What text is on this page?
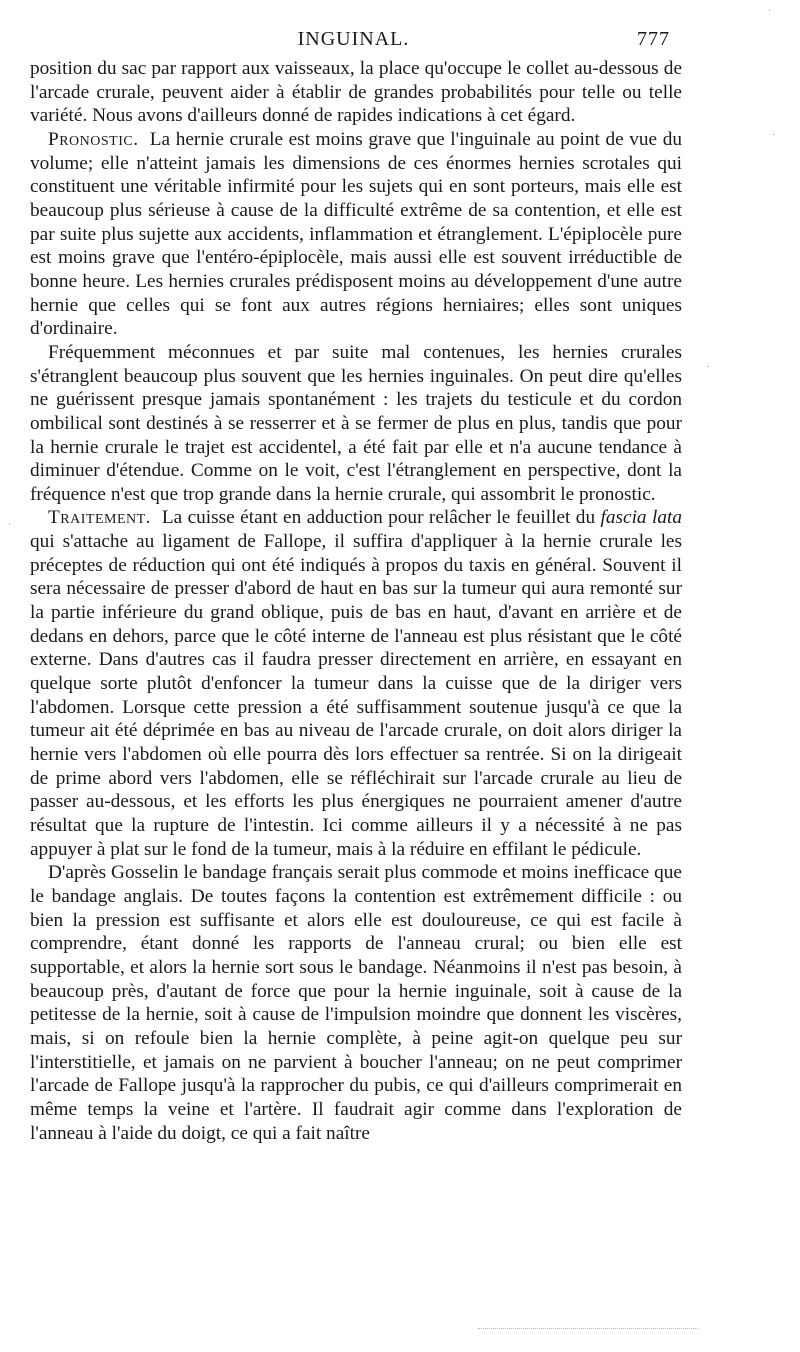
INGUINAL.	777

position du sac par rapport aux vaisseaux, la place qu'occupe le collet au-dessous de l'arcade crurale, peuvent aider à établir de grandes probabilités pour telle ou telle variété. Nous avons d'ailleurs donné de rapides indications à cet égard.

Pronostic. La hernie crurale est moins grave que l'inguinale au point de vue du volume; elle n'atteint jamais les dimensions de ces énormes hernies scrotales qui constituent une véritable infirmité pour les sujets qui en sont porteurs, mais elle est beaucoup plus sérieuse à cause de la difficulté extrême de sa contention, et elle est par suite plus sujette aux accidents, inflammation et étranglement. L'épiplocèle pure est moins grave que l'entéro-épiplocèle, mais aussi elle est souvent irréductible de bonne heure. Les hernies crurales prédisposent moins au développement d'une autre hernie que celles qui se font aux autres régions herniaires; elles sont uniques d'ordinaire.

Fréquemment méconnues et par suite mal contenues, les hernies crurales s'étranglent beaucoup plus souvent que les hernies inguinales. On peut dire qu'elles ne guérissent presque jamais spontanément : les trajets du testicule et du cordon ombilical sont destinés à se resserrer et à se fermer de plus en plus, tandis que pour la hernie crurale le trajet est accidentel, a été fait par elle et n'a aucune tendance à diminuer d'étendue. Comme on le voit, c'est l'étranglement en perspective, dont la fréquence n'est que trop grande dans la hernie crurale, qui assombrit le pronostic.

Traitement. La cuisse étant en adduction pour relâcher le feuillet du fascia lata qui s'attache au ligament de Fallope, il suffira d'appliquer à la hernie crurale les préceptes de réduction qui ont été indiqués à propos du taxis en général. Souvent il sera nécessaire de presser d'abord de haut en bas sur la tumeur qui aura remonté sur la partie inférieure du grand oblique, puis de bas en haut, d'avant en arrière et de dedans en dehors, parce que le côté interne de l'anneau est plus résistant que le côté externe. Dans d'autres cas il faudra presser directement en arrière, en essayant en quelque sorte plutôt d'enfoncer la tumeur dans la cuisse que de la diriger vers l'abdomen. Lorsque cette pression a été suffisamment soutenue jusqu'à ce que la tumeur ait été déprimée en bas au niveau de l'arcade crurale, on doit alors diriger la hernie vers l'abdomen où elle pourra dès lors effectuer sa rentrée. Si on la dirigeait de prime abord vers l'abdomen, elle se réfléchirait sur l'arcade crurale au lieu de passer au-dessous, et les efforts les plus énergiques ne pourraient amener d'autre résultat que la rupture de l'intestin. Ici comme ailleurs il y a nécessité à ne pas appuyer à plat sur le fond de la tumeur, mais à la réduire en effilant le pédicule.

D'après Gosselin le bandage français serait plus commode et moins inefficace que le bandage anglais. De toutes façons la contention est extrêmement difficile : ou bien la pression est suffisante et alors elle est douloureuse, ce qui est facile à comprendre, étant donné les rapports de l'anneau crural; ou bien elle est supportable, et alors la hernie sort sous le bandage. Néanmoins il n'est pas besoin, à beaucoup près, d'autant de force que pour la hernie inguinale, soit à cause de la petitesse de la hernie, soit à cause de l'impulsion moindre que donnent les viscères, mais, si on refoule bien la hernie complète, à peine agit-on quelque peu sur l'interstitielle, et jamais on ne parvient à boucher l'anneau; on ne peut comprimer l'arcade de Fallope jusqu'à la rapprocher du pubis, ce qui d'ailleurs comprimerait en même temps la veine et l'artère. Il faudrait agir comme dans l'exploration de l'anneau à l'aide du doigt, ce qui a fait naître

·
·
·
·
